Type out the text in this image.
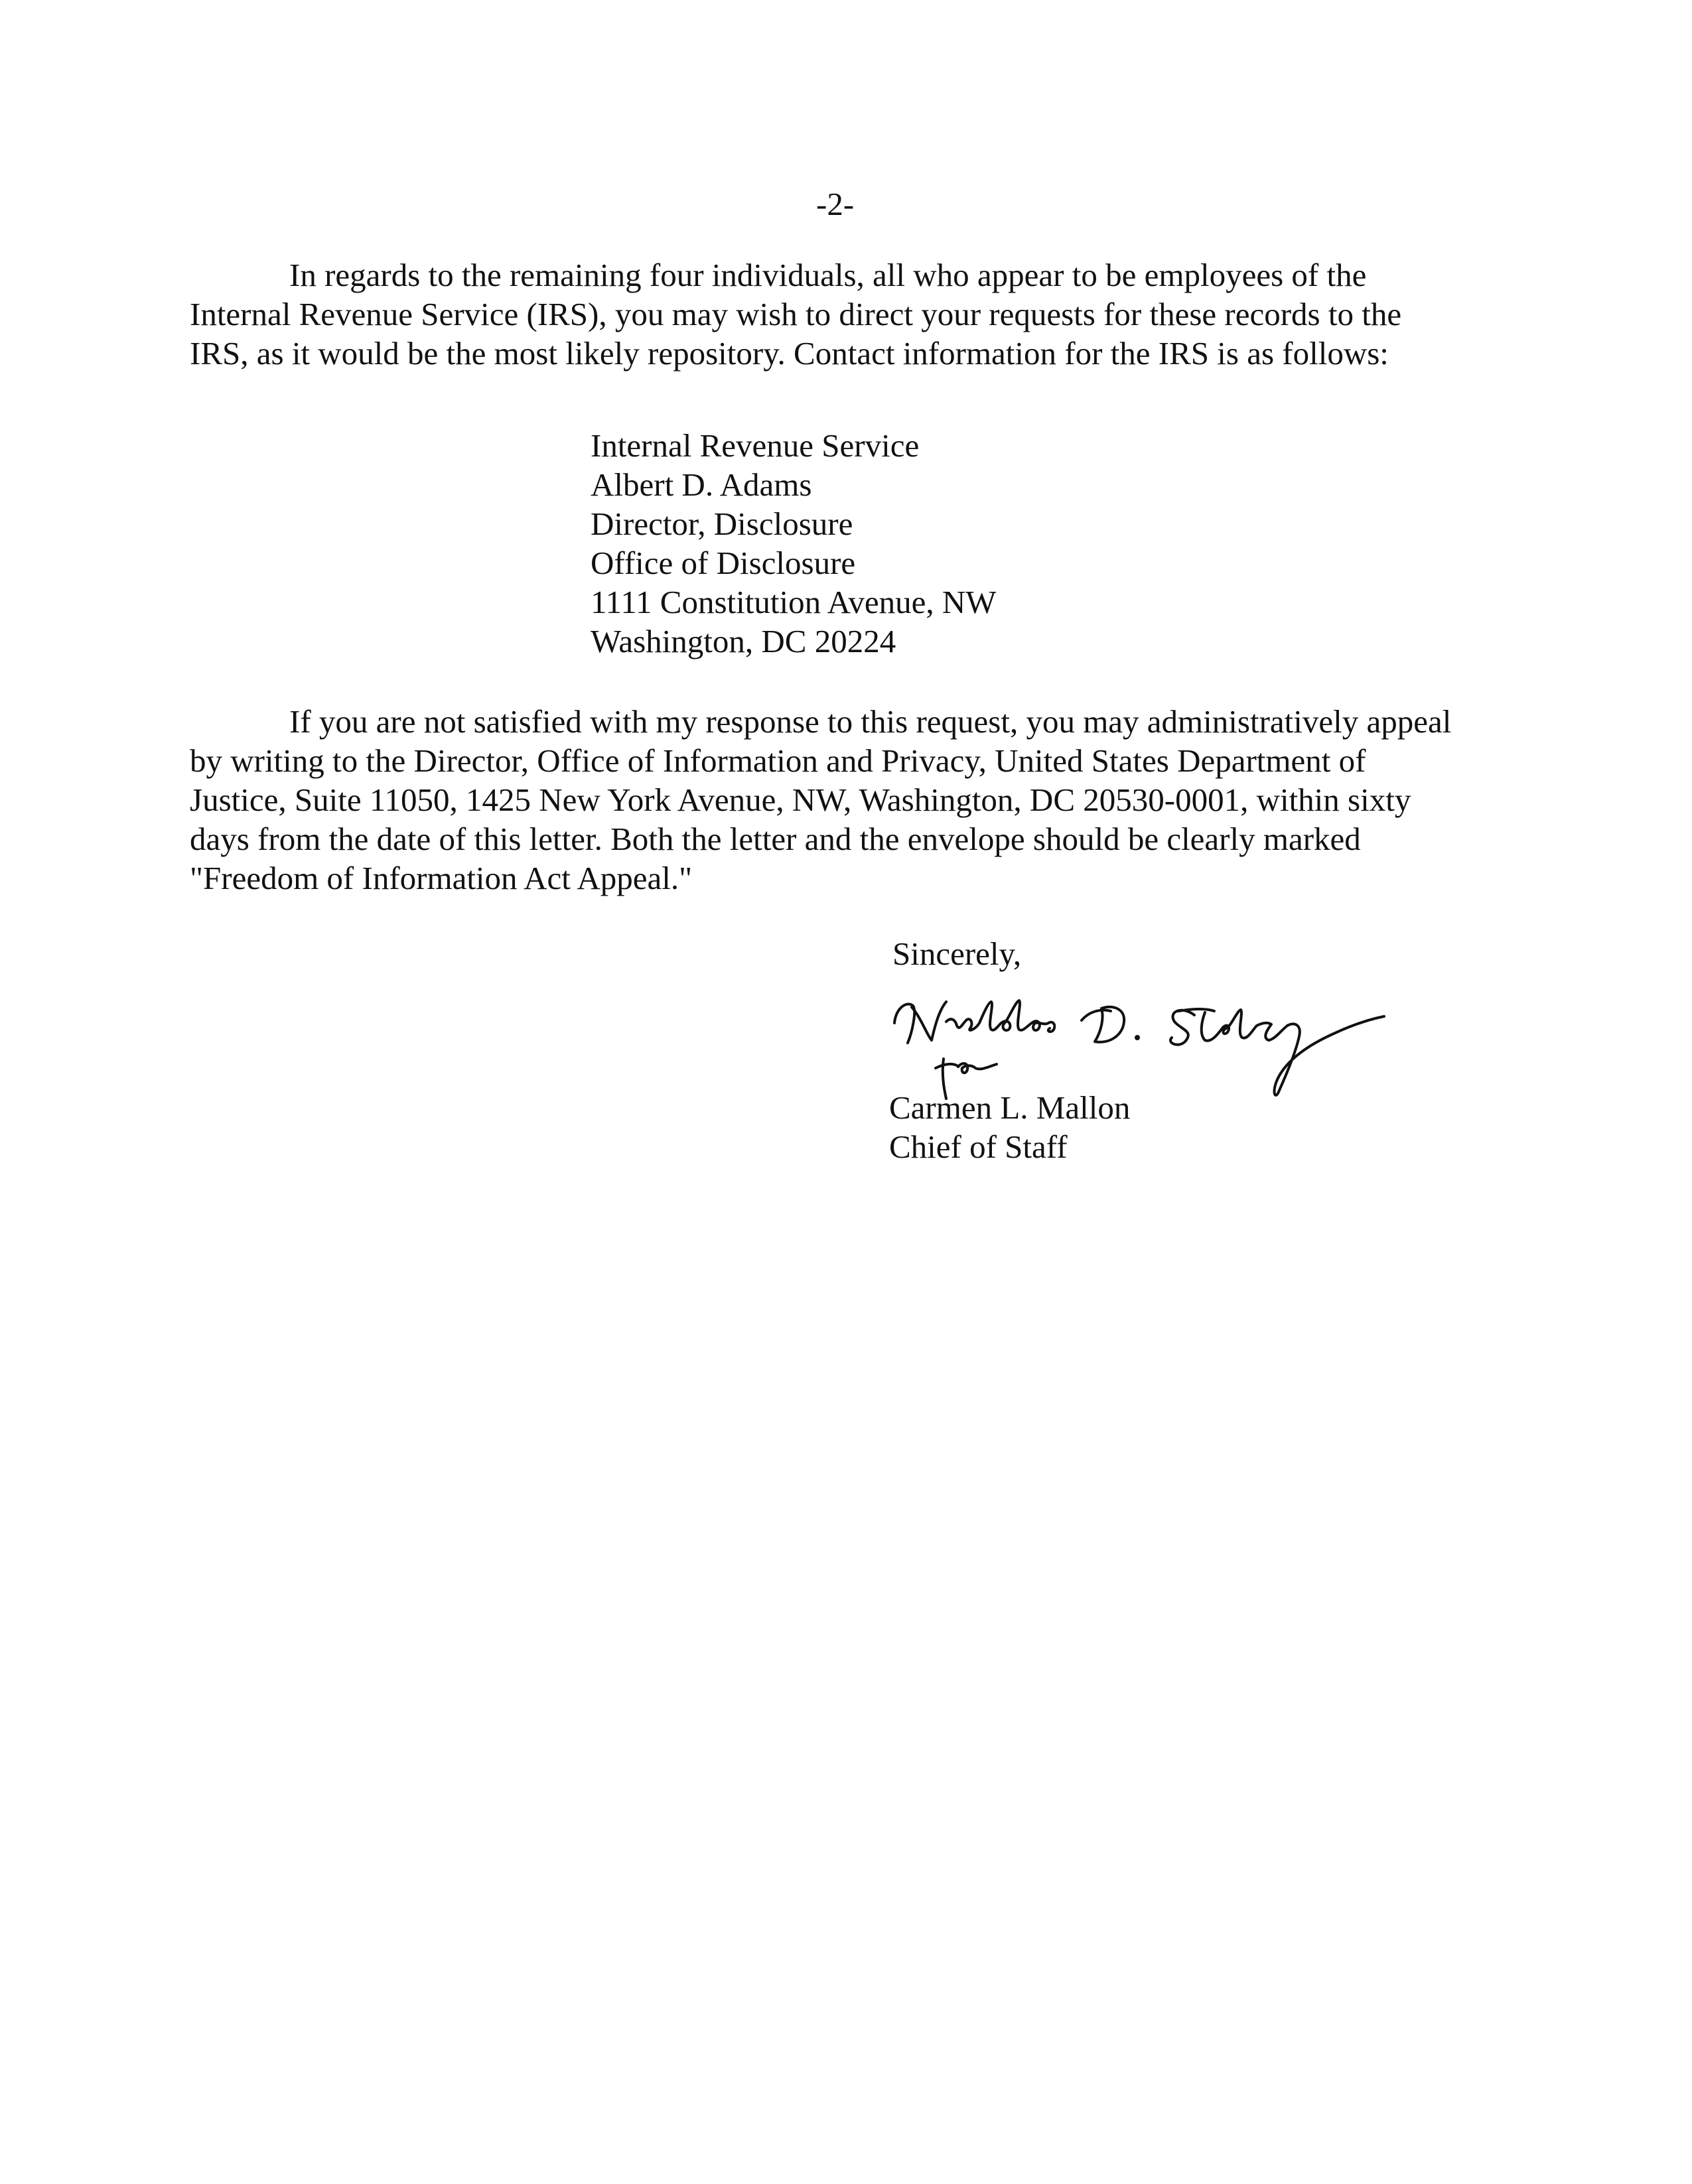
-2-

In regards to the remaining four individuals, all who appear to be employees of the
Internal Revenue Service (IRS), you may wish to direct your requests for these records to the
IRS, as it would be the most likely repository. Contact information for the IRS is as follows:

Internal Revenue Service
Albert D. Adams
Director, Disclosure
Office of Disclosure
1111 Constitution Avenue, NW
Washington, DC 20224

If you are not satisfied with my response to this request, you may administratively appeal
by writing to the Director, Office of Information and Privacy, United States Department of
Justice, Suite 11050, 1425 New York Avenue, NW, Washington, DC 20530-0001, within sixty
days from the date of this letter. Both the letter and the envelope should be clearly marked
"Freedom of Information Act Appeal."

Sincerely,
Carmen L. Mallon
Chief of Staff
